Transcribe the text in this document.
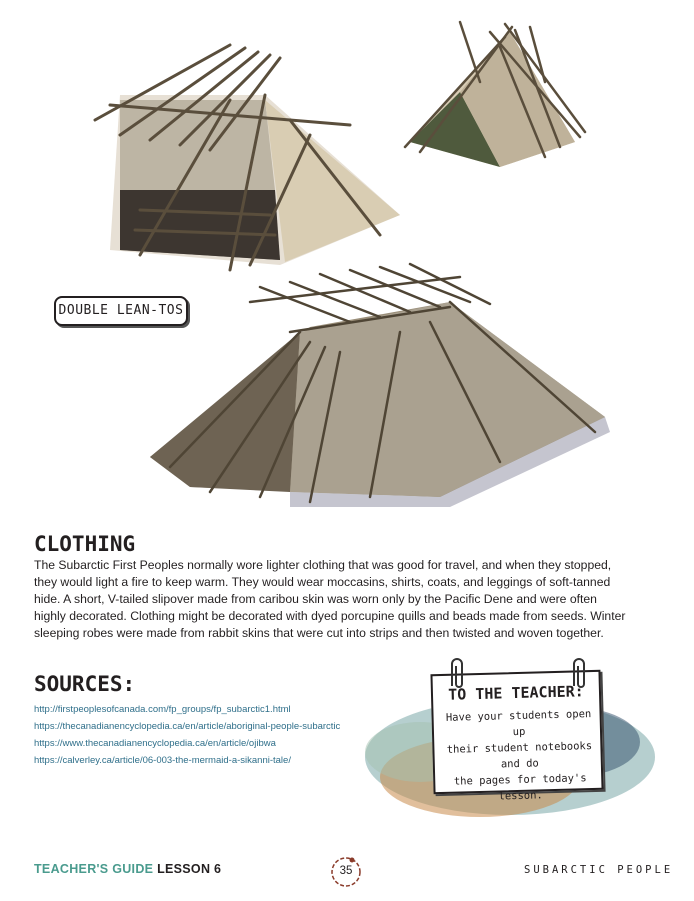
DOUBLE LEAN-TOS
CLOTHING
The Subarctic First Peoples normally wore lighter clothing that was good for travel, and when they stopped,
they would light a fire to keep warm. They would wear moccasins, shirts, coats, and leggings of soft-tanned
hide. A short, V-tailed slipover made from caribou skin was worn only by the Pacific Dene and were often
highly decorated. Clothing might be decorated with dyed porcupine quills and beads made from seeds. Winter
sleeping robes were made from rabbit skins that were cut into strips and then twisted and woven together.
SOURCES:
http://firstpeoplesofcanada.com/fp_groups/fp_subarctic1.html
https://thecanadianencyclopedia.ca/en/article/aboriginal-people-subarctic
https://www.thecanadianencyclopedia.ca/en/article/ojibwa
https://calverley.ca/article/06-003-the-mermaid-a-sikanni-tale/
TO THE TEACHER:
Have your students open up
their student notebooks and do
the pages for today's lesson.
TEACHER'S GUIDE LESSON 6	35	SUBARCTIC PEOPLE
